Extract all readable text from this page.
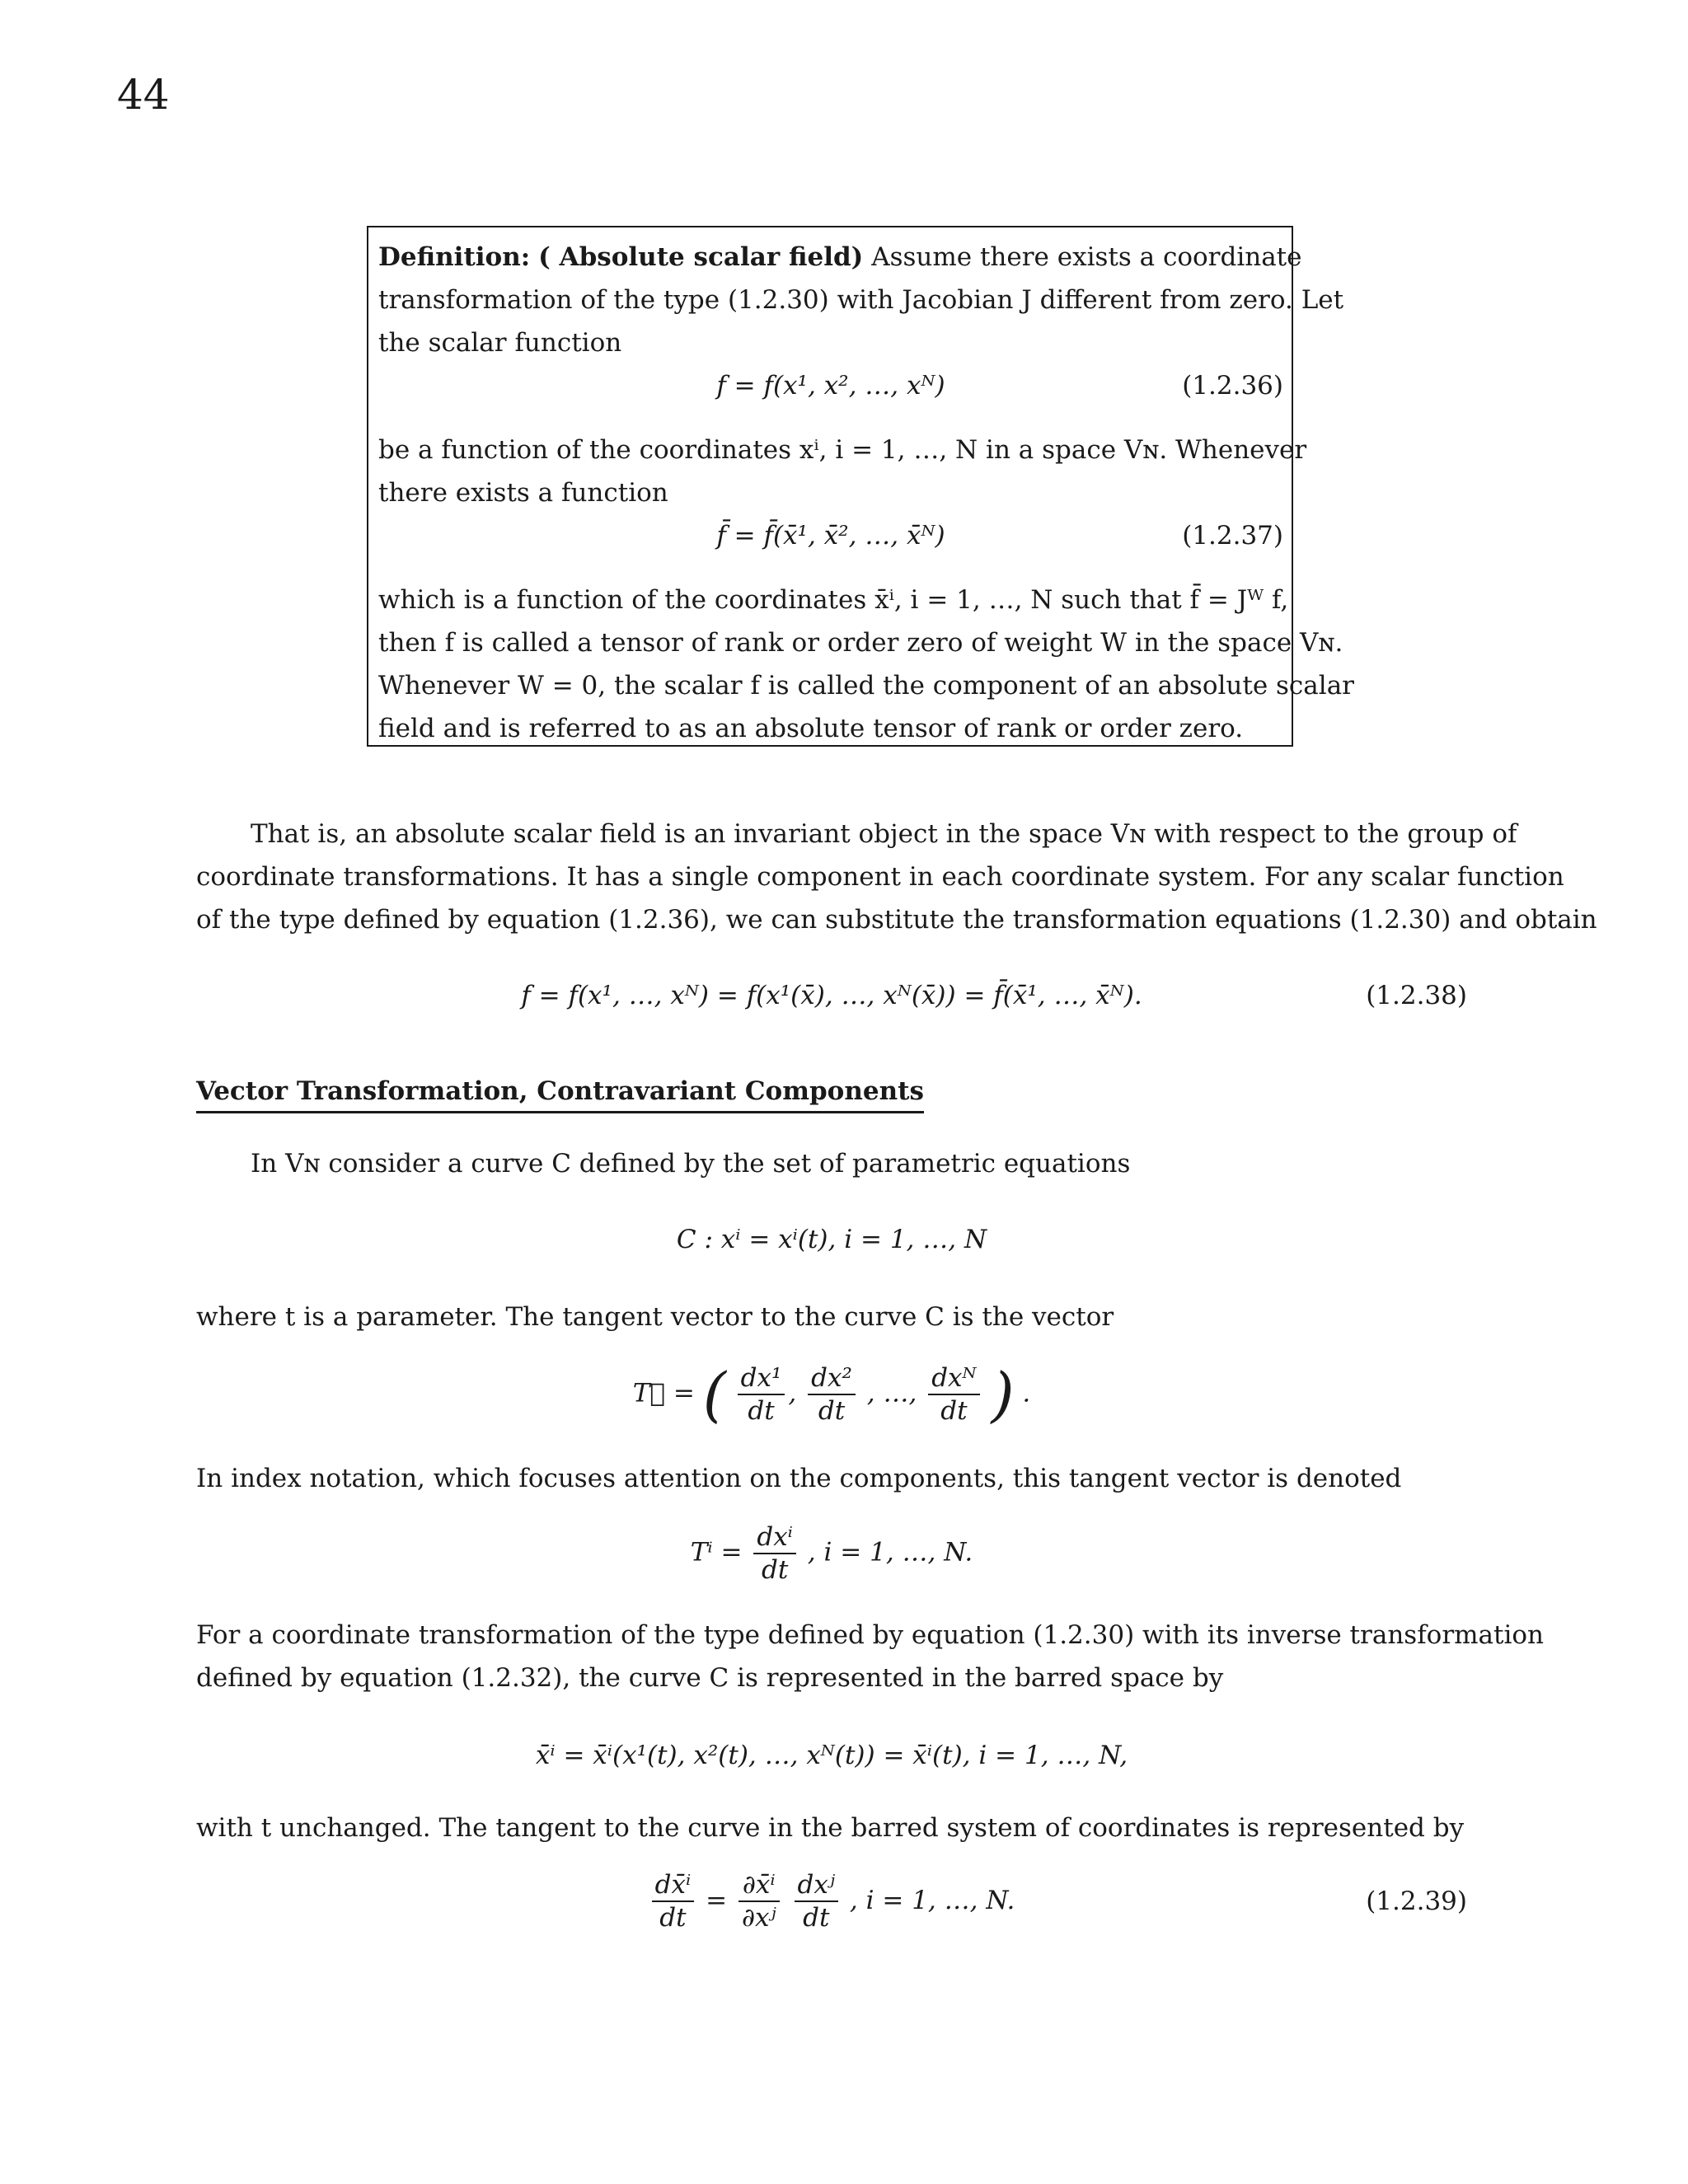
44
Definition: ( Absolute scalar field) Assume there exists a coordinate
transformation of the type (1.2.30) with Jacobian J different from zero. Let
the scalar function
f = f(x¹, x², …, xᴺ)	(1.2.36)
be a function of the coordinates xⁱ, i = 1, …, N in a space Vɴ. Whenever
there exists a function
f̄ = f̄(x̄¹, x̄², …, x̄ᴺ)	(1.2.37)
which is a function of the coordinates x̄ⁱ, i = 1, …, N such that f̄ = Jᵂ f,
then f is called a tensor of rank or order zero of weight W in the space Vɴ.
Whenever W = 0, the scalar f is called the component of an absolute scalar
field and is referred to as an absolute tensor of rank or order zero.
That is, an absolute scalar field is an invariant object in the space Vɴ with respect to the group of
coordinate transformations. It has a single component in each coordinate system. For any scalar function
of the type defined by equation (1.2.36), we can substitute the transformation equations (1.2.30) and obtain
f = f(x¹, …, xᴺ) = f(x¹(x̄), …, xᴺ(x̄)) = f̄(x̄¹, …, x̄ᴺ).	(1.2.38)
Vector Transformation, Contravariant Components
In Vɴ consider a curve C defined by the set of parametric equations
C : xⁱ = xⁱ(t), i = 1, …, N
where t is a parameter. The tangent vector to the curve C is the vector
T⃗ = ( $\frac{\text{dx¹}}{dt}$ , $\frac{\text{dx²}}{dt}$ , …, $\frac{\text{dxᴺ}}{dt}$ ) .
In index notation, which focuses attention on the components, this tangent vector is denoted
$T^i = \frac{\text{dxⁱ}}{dt}$ , i = 1, …, N.
For a coordinate transformation of the type defined by equation (1.2.30) with its inverse transformation
defined by equation (1.2.32), the curve C is represented in the barred space by
x̄ⁱ = x̄ⁱ(x¹(t), x²(t), …, xᴺ(t)) = x̄ⁱ(t), i = 1, …, N,
with t unchanged. The tangent to the curve in the barred system of coordinates is represented by
$\frac{\text{dx̄ⁱ}}{dt} = \frac{\text{∂x̄ⁱ}}{\text{∂xʲ}}$
$\frac{\text{dxʲ}}{dt}$ , i = 1, …, N.	(1.2.39)
